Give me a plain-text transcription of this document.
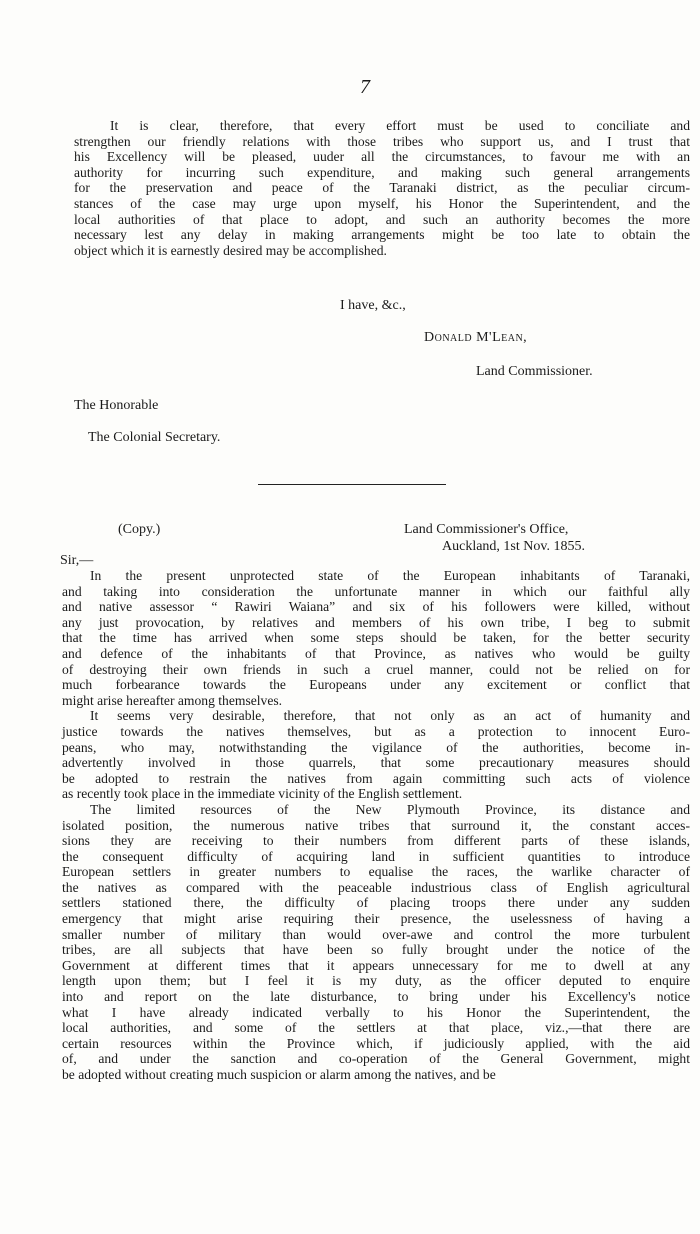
7
It is clear, therefore, that every effort must be used to conciliate and
strengthen our friendly relations with those tribes who support us, and I trust that
his Excellency will be pleased, uuder all the circumstances, to favour me with an
authority for incurring such expenditure, and making such general arrangements
for the preservation and peace of the Taranaki district, as the peculiar circum-
stances of the case may urge upon myself, his Honor the Superintendent, and the
local authorities of that place to adopt, and such an authority becomes the more
necessary lest any delay in making arrangements might be too late to obtain the
object which it is earnestly desired may be accomplished.
I have, &c.,
Donald M'Lean,
Land Commissioner.
The Honorable
The Colonial Secretary.
(Copy.)	Land Commissioner's Office,
Auckland, 1st Nov. 1855.
Sir,—
In the present unprotected state of the European inhabitants of Taranaki,
and taking into consideration the unfortunate manner in which our faithful ally
and native assessor “ Rawiri Waiana” and six of his followers were killed, without
any just provocation, by relatives and members of his own tribe, I beg to submit
that the time has arrived when some steps should be taken, for the better security
and defence of the inhabitants of that Province, as natives who would be guilty
of destroying their own friends in such a cruel manner, could not be relied on for
much forbearance towards the Europeans under any excitement or conflict that
might arise hereafter among themselves.
It seems very desirable, therefore, that not only as an act of humanity and
justice towards the natives themselves, but as a protection to innocent Euro-
peans, who may, notwithstanding the vigilance of the authorities, become in-
advertently involved in those quarrels, that some precautionary measures should
be adopted to restrain the natives from again committing such acts of violence
as recently took place in the immediate vicinity of the English settlement.
The limited resources of the New Plymouth Province, its distance and
isolated position, the numerous native tribes that surround it, the constant acces-
sions they are receiving to their numbers from different parts of these islands,
the consequent difficulty of acquiring land in sufficient quantities to introduce
European settlers in greater numbers to equalise the races, the warlike character of
the natives as compared with the peaceable industrious class of English agricultural
settlers stationed there, the difficulty of placing troops there under any sudden
emergency that might arise requiring their presence, the uselessness of having a
smaller number of military than would over-awe and control the more turbulent
tribes, are all subjects that have been so fully brought under the notice of the
Government at different times that it appears unnecessary for me to dwell at any
length upon them; but I feel it is my duty, as the officer deputed to enquire
into and report on the late disturbance, to bring under his Excellency's notice
what I have already indicated verbally to his Honor the Superintendent, the
local authorities, and some of the settlers at that place, viz.,—that there are
certain resources within the Province which, if judiciously applied, with the aid
of, and under the sanction and co-operation of the General Government, might
be adopted without creating much suspicion or alarm among the natives, and be
